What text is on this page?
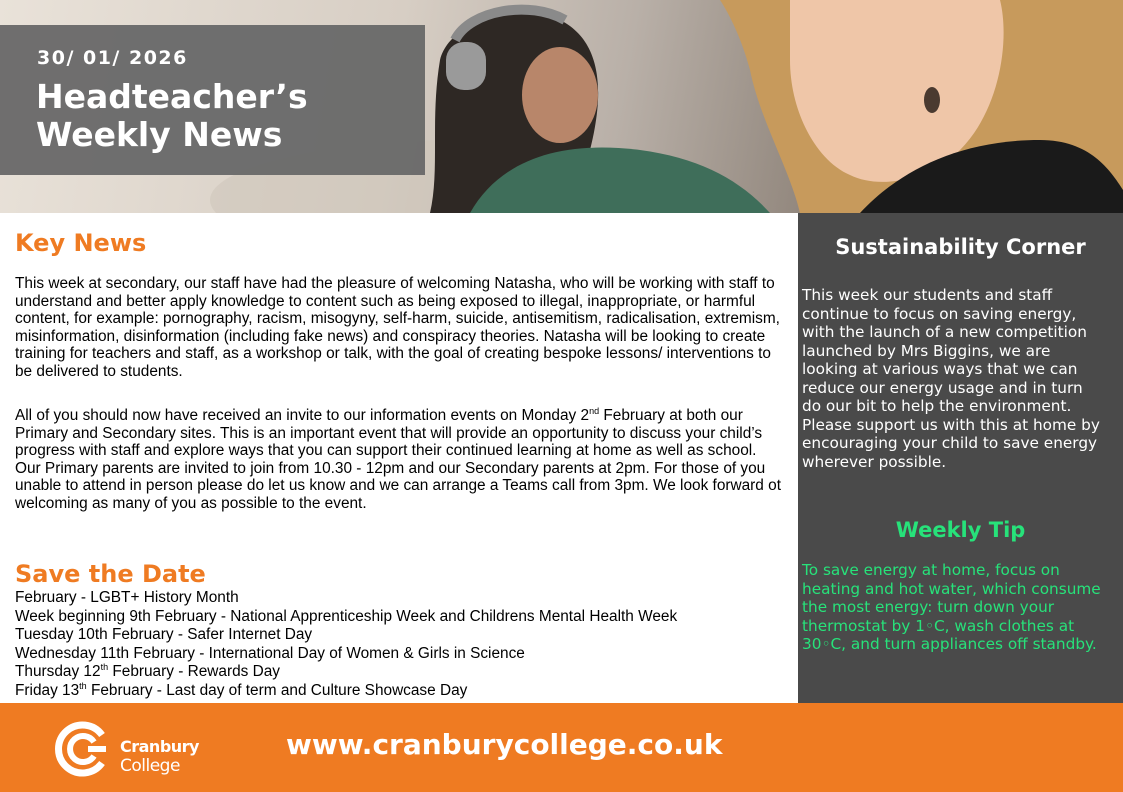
30/ 01/ 2026
Headteacher’s
Weekly News
Key News

This week at secondary, our staff have had the pleasure of welcoming Natasha, who will be working with staff to understand and better apply knowledge to content such as being exposed to illegal, inappropriate, or harmful content, for example: pornography, racism, misogyny, self-harm, suicide, antisemitism, radicalisation, extremism, misinformation, disinformation (including fake news) and conspiracy theories. Natasha will be looking to create training for teachers and staff, as a workshop or talk, with the goal of creating bespoke lessons/ interventions to be delivered to students.

All of you should now have received an invite to our information events on Monday 2nd February at both our Primary and Secondary sites. This is an important event that will provide an opportunity to discuss your child’s progress with staff and explore ways that you can support their continued learning at home as well as school. Our Primary parents are invited to join from 10.30 - 12pm and our Secondary parents at 2pm. For those of you unable to attend in person please do let us know and we can arrange a Teams call from 3pm. We look forward ot welcoming as many of you as possible to the event.

Save the Date
February - LGBT+ History Month
Week beginning 9th February - National Apprenticeship Week and Childrens Mental Health Week
Tuesday 10th February - Safer Internet Day
Wednesday 11th February - International Day of Women & Girls in Science
Thursday 12th February - Rewards Day
Friday 13th February - Last day of term and Culture Showcase Day
Sustainability Corner

This week our students and staff continue to focus on saving energy, with the launch of a new competition launched by Mrs Biggins, we are looking at various ways that we can reduce our energy usage and in turn do our bit to help the environment. Please support us with this at home by encouraging your child to save energy wherever possible.

Weekly Tip

To save energy at home, focus on heating and hot water, which consume the most energy: turn down your thermostat by 1◦C, wash clothes at 30◦C, and turn appliances off standby.

Cranbury
College
www.cranburycollege.co.uk
